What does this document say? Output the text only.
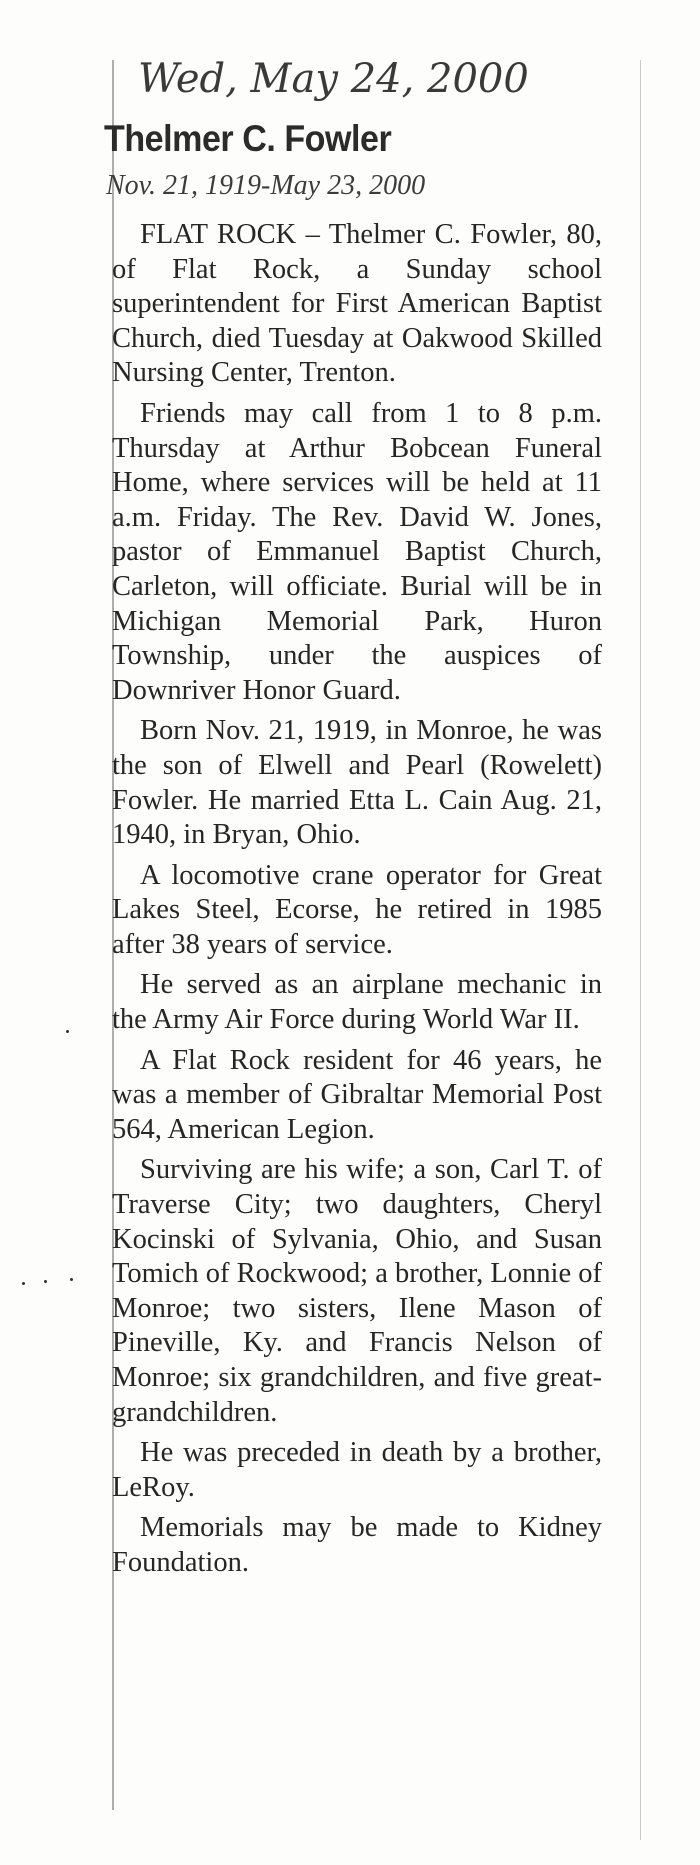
Wed, May 24, 2000
Thelmer C. Fowler

Nov. 21, 1919-May 23, 2000

FLAT ROCK – Thelmer C. Fowler, 80, of Flat Rock, a Sunday school superintendent for First American Baptist Church, died Tuesday at Oakwood Skilled Nursing Center, Trenton.

Friends may call from 1 to 8 p.m. Thursday at Arthur Bobcean Funeral Home, where services will be held at 11 a.m. Friday. The Rev. David W. Jones, pastor of Emmanuel Baptist Church, Carleton, will officiate. Burial will be in Michigan Memorial Park, Huron Township, under the auspices of Downriver Honor Guard.

Born Nov. 21, 1919, in Monroe, he was the son of Elwell and Pearl (Rowelett) Fowler. He married Etta L. Cain Aug. 21, 1940, in Bryan, Ohio.

A locomotive crane operator for Great Lakes Steel, Ecorse, he retired in 1985 after 38 years of service.

He served as an airplane mechanic in the Army Air Force during World War II.

A Flat Rock resident for 46 years, he was a member of Gibraltar Memorial Post 564, American Legion.

Surviving are his wife; a son, Carl T. of Traverse City; two daughters, Cheryl Kocinski of Sylvania, Ohio, and Susan Tomich of Rockwood; a brother, Lonnie of Monroe; two sisters, Ilene Mason of Pineville, Ky. and Francis Nelson of Monroe; six grandchildren, and five great-grandchildren.

He was preceded in death by a brother, LeRoy.

Memorials may be made to Kidney Foundation.
